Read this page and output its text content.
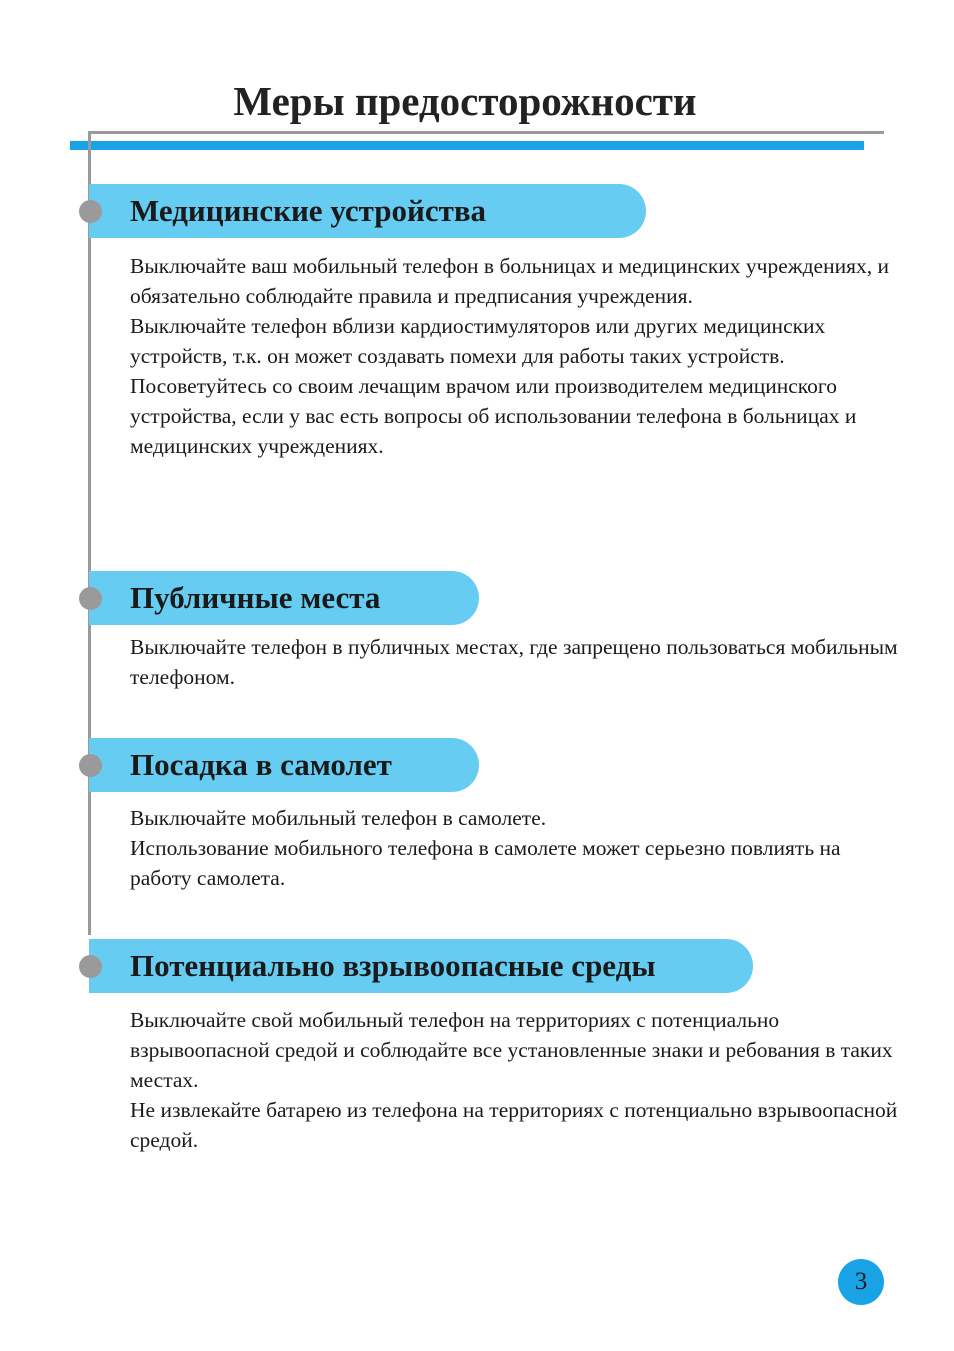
Меры предосторожности
Медицинские устройства

Выключайте ваш мобильный телефон в больницах и медицинских учреждениях, и обязательно соблюдайте правила и предписания учреждения.

Выключайте телефон вблизи кардиостимуляторов или других медицинских устройств, т.к. он может создавать помехи для работы таких устройств.

Посоветуйтесь со своим лечащим врачом или производителем медицинского устройства, если у вас есть вопросы об использовании телефона в больницах и медицинских учреждениях.

Публичные места

Выключайте телефон в публичных местах, где запрещено пользоваться мобильным телефоном.

Посадка в самолет

Выключайте мобильный телефон в самолете.

Использование мобильного телефона в самолете может серьезно повлиять на работу самолета.

Потенциально взрывоопасные среды

Выключайте свой мобильный телефон на территориях с потенциально взрывоопасной средой и соблюдайте все установленные знаки и ребования в таких местах.

Не извлекайте батарею из телефона на территориях с потенциально взрывоопасной средой.

3
